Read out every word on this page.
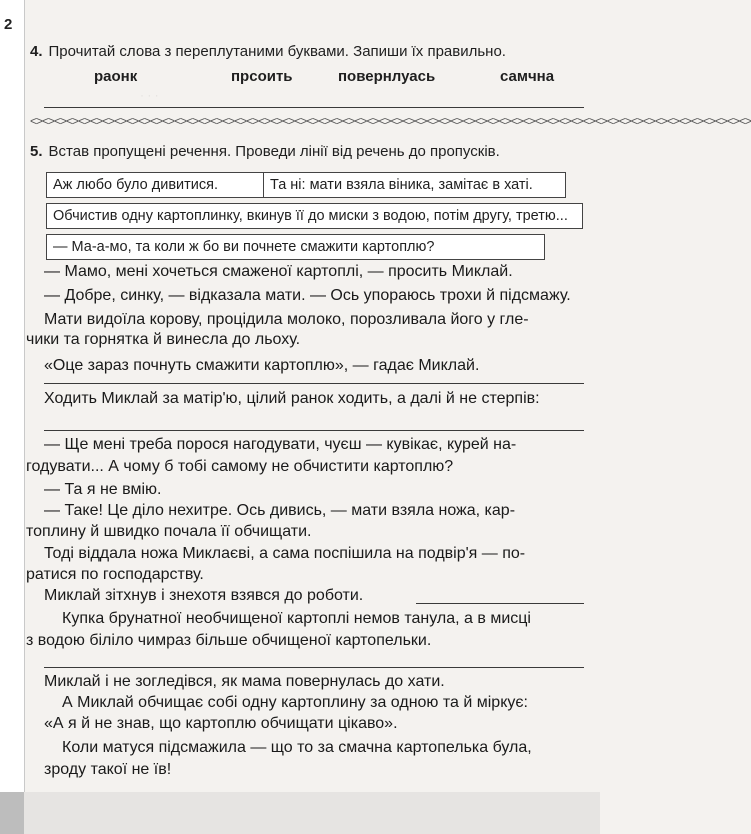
· · ·
2
4. Прочитай слова з переплутаними буквами. Запиши їх правильно.
раонк	прсоить	повернлуась	самчна
<><><><><><><><><><><><><><><><><><><><><><><><><><><><><><><><><><><><><><><><><><><><><><><><><><><><><><><><><><><><>
5. Встав пропущені речення. Проведи лінії від речень до пропусків.
Аж любо було дивитися.	Та ні: мати взяла віника, замітає в хаті.
Обчистив одну картоплинку, вкинув її до миски з водою, потім другу, третю...
— Ма-а-мо, та коли ж бо ви почнете смажити картоплю?
— Мамо, мені хочеться смаженої картоплі, — просить Миклай.
— Добре, синку, — відказала мати. — Ось упораюсь трохи й підсмажу.
Мати видоїла корову, процідила молоко, порозливала його у гле-
чики та горнятка й винесла до льоху.
«Оце зараз почнуть смажити картоплю», — гадає Миклай.
Ходить Миклай за матір'ю, цілий ранок ходить, а далі й не стерпів:
— Ще мені треба порося нагодувати, чуєш — кувікає, курей на-
годувати... А чому б тобі самому не обчистити картоплю?
— Та я не вмію.
— Таке! Це діло нехитре. Ось дивись, — мати взяла ножа, кар-
топлину й швидко почала її обчищати.
Тоді віддала ножа Миклаєві, а сама поспішила на подвір'я — по-
ратися по господарству.
Миклай зітхнув і знехотя взявся до роботи.
Купка брунатної необчищеної картоплі немов танула, а в мисці
з водою біліло чимраз більше обчищеної картопельки.
Миклай і не зогледівся, як мама повернулась до хати.
А Миклай обчищає собі одну картоплину за одною та й міркує:
«А я й не знав, що картоплю обчищати цікаво».
Коли матуся підсмажила — що то за смачна картопелька була,
зроду такої не їв!
